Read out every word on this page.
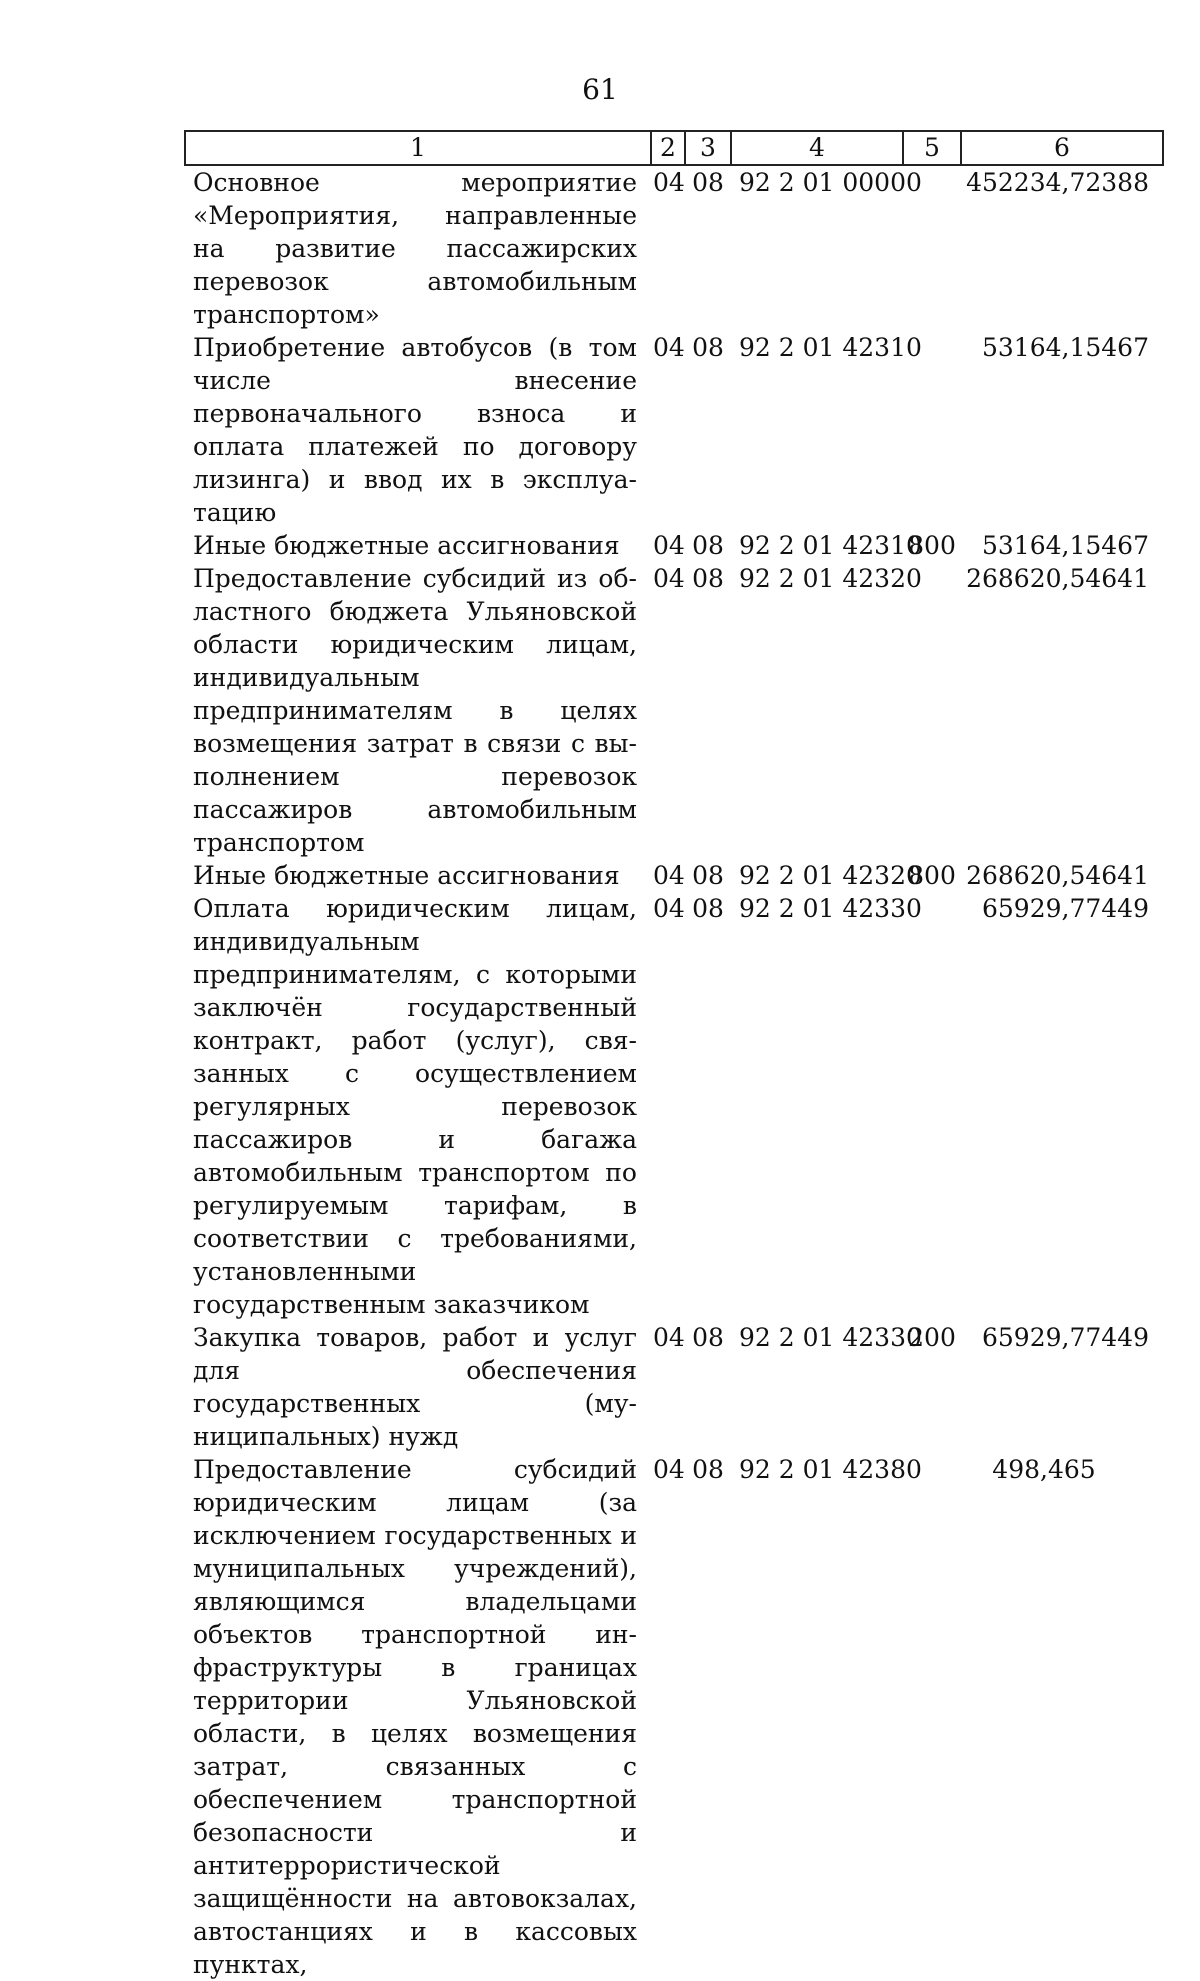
61
1	2	3	4	5	6
Основное мероприятие «Мероприятия, направленные на развитие пассажирских перевозок автомобильным транспортом»	04	08	92 2 01 00000		452234,72388
Приобретение автобусов (в том числе внесение первоначального взноса и оплата платежей по договору лизинга) и ввод их в эксплуатацию	04	08	92 2 01 42310		53164,15467
Иные бюджетные ассигнования	04	08	92 2 01 42310	800	53164,15467
Предоставление субсидий из областного бюджета Ульяновской области юридическим лицам, индивидуальным предпринимателям в целях возмещения затрат в связи с выполнением перевозок пассажиров автомобильным транспортом	04	08	92 2 01 42320		268620,54641
Иные бюджетные ассигнования	04	08	92 2 01 42320	800	268620,54641
Оплата юридическим лицам, индивидуальным предпринимателям, с которыми заключён государственный контракт, работ (услуг), связанных с осуществлением регулярных перевозок пассажиров и багажа автомобильным транспортом по регулируемым тарифам, в соответствии с требованиями, установленными государственным заказчиком	04	08	92 2 01 42330		65929,77449
Закупка товаров, работ и услуг для обеспечения государственных (муниципальных) нужд	04	08	92 2 01 42330	200	65929,77449
Предоставление субсидий юридическим лицам (за исключением государственных и муниципальных учреждений), являющимся владельцами объектов транспортной инфраструктуры в границах территории Ульяновской области, в целях возмещения затрат, связанных с обеспечением транспортной безопасности и антитеррористической защищённости на автовокзалах, автостанциях и в кассовых пунктах,	04	08	92 2 01 42380		498,465
